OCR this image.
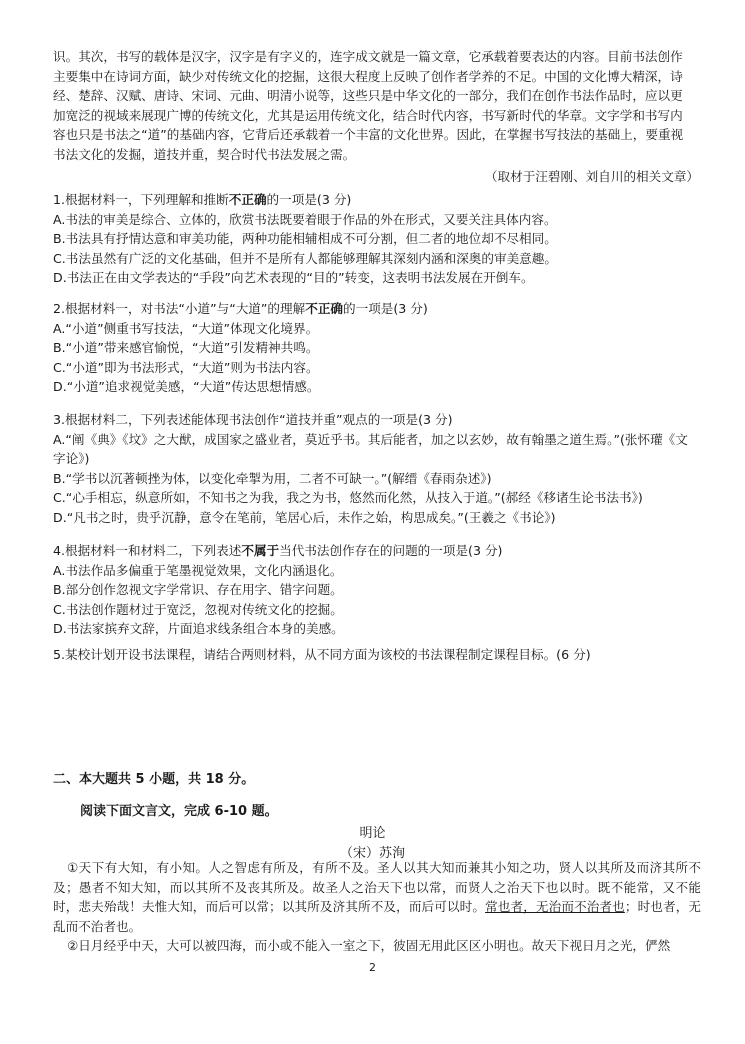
识。其次，书写的载体是汉字，汉字是有字义的，连字成文就是一篇文章，它承载着要表达的内容。目前书法创作

主要集中在诗词方面，缺少对传统文化的挖掘，这很大程度上反映了创作者学养的不足。中国的文化博大精深，诗

经、楚辞、汉赋、唐诗、宋词、元曲、明清小说等，这些只是中华文化的一部分，我们在创作书法作品时，应以更

加宽泛的视域来展现广博的传统文化，尤其是运用传统文化，结合时代内容，书写新时代的华章。文字学和书写内

容也只是书法之“道”的基础内容，它背后还承载着一个丰富的文化世界。因此，在掌握书写技法的基础上，要重视

书法文化的发掘，道技并重，契合时代书法发展之需。

（取材于汪碧刚、刘自川的相关文章）

1.根据材料一，下列理解和推断不正确的一项是(3 分)

A.书法的审美是综合、立体的，欣赏书法既要着眼于作品的外在形式，又要关注具体内容。

B.书法具有抒情达意和审美功能，两种功能相辅相成不可分割，但二者的地位却不尽相同。

C.书法虽然有广泛的文化基础，但并不是所有人都能够理解其深刻内涵和深奥的审美意趣。

D.书法正在由文学表达的“手段”向艺术表现的“目的”转变，这表明书法发展在开倒车。

2.根据材料一，对书法“小道”与“大道”的理解不正确的一项是(3 分)

A.“小道”侧重书写技法，“大道”体现文化境界。

B.“小道”带来感官愉悦，“大道”引发精神共鸣。

C.“小道”即为书法形式，“大道”则为书法内容。

D.“小道”追求视觉美感，“大道”传达思想情感。

3.根据材料二，下列表述能体现书法创作“道技并重”观点的一项是(3 分)

A.“阐《典》《坟》之大猷，成国家之盛业者，莫近乎书。其后能者，加之以玄妙，故有翰墨之道生焉。”(张怀瓘《文

字论》)

B.“学书以沉著顿挫为体，以变化牵掣为用，二者不可缺一。”(解缙《春雨杂述》)

C.“心手相忘，纵意所如，不知书之为我，我之为书，悠然而化然，从技入于道。”(郝经《移诸生论书法书》)

D.“凡书之时，贵乎沉静，意令在笔前，笔居心后，未作之始，构思成矣。”(王羲之《书论》)

4.根据材料一和材料二，下列表述不属于当代书法创作存在的问题的一项是(3 分)

A.书法作品多偏重于笔墨视觉效果，文化内涵退化。

B.部分创作忽视文字学常识、存在用字、错字问题。

C.书法创作题材过于宽泛，忽视对传统文化的挖掘。

D.书法家摈弃文辞，片面追求线条组合本身的美感。

5.某校计划开设书法课程，请结合两则材料，从不同方面为该校的书法课程制定课程目标。(6 分)

二、本大题共 5 小题，共 18 分。
阅读下面文言文，完成 6-10 题。
明论
（宋）苏洵

①天下有大知，有小知。人之智虑有所及，有所不及。圣人以其大知而兼其小知之功，贤人以其所及而济其所不及；愚者不知大知，而以其所不及丧其所及。故圣人之治天下也以常，而贤人之治天下也以时。既不能常，又不能时，悲夫殆哉！夫惟大知，而后可以常；以其所及济其所不及，而后可以时。常也者，无治而不治者也；时也者，无乱而不治者也。

②日月经乎中天，大可以被四海，而小或不能入一室之下，彼固无用此区区小明也。故天下视日月之光，俨然

2
